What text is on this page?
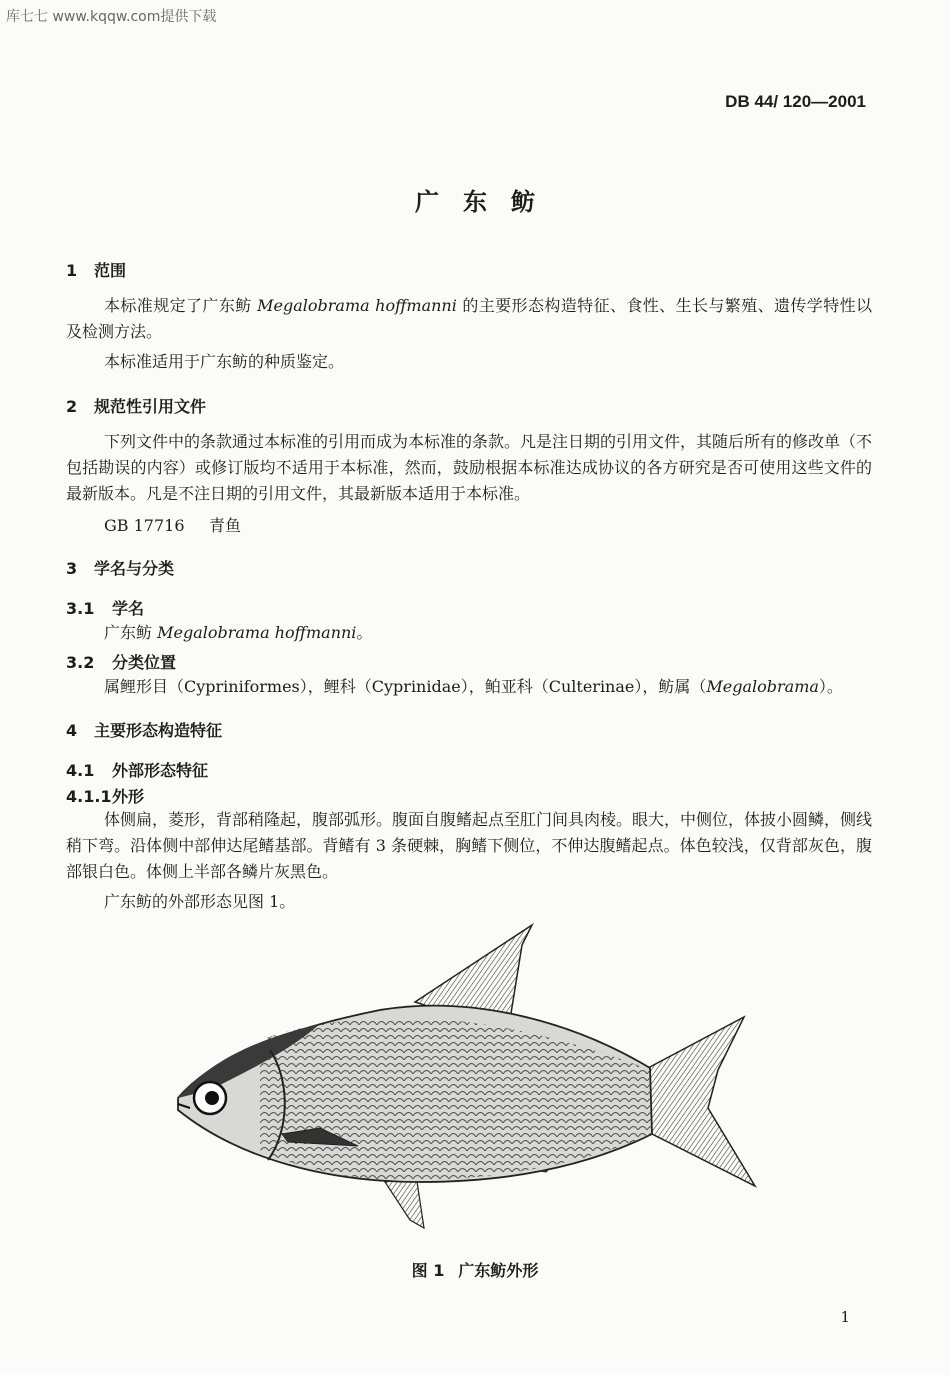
库七七 www.kqqw.com提供下载
DB 44/ 120—2001
广东鲂
1 范围
本标准规定了广东鲂 Megalobrama hoffmanni 的主要形态构造特征、食性、生长与繁殖、遗传学特性以及检测方法。
本标准适用于广东鲂的种质鉴定。
2 规范性引用文件
下列文件中的条款通过本标准的引用而成为本标准的条款。凡是注日期的引用文件，其随后所有的修改单（不包括勘误的内容）或修订版均不适用于本标准，然而，鼓励根据本标准达成协议的各方研究是否可使用这些文件的最新版本。凡是不注日期的引用文件，其最新版本适用于本标准。
GB 17716 青鱼
3 学名与分类
3.1 学名
广东鲂 Megalobrama hoffmanni。
3.2 分类位置
属鲤形目（Cypriniformes），鲤科（Cyprinidae），鲌亚科（Culterinae），鲂属（Megalobrama）。
4 主要形态构造特征
4.1 外部形态特征
4.1.1外形
体侧扁，菱形，背部稍隆起，腹部弧形。腹面自腹鳍起点至肛门间具肉棱。眼大，中侧位，体披小圆鳞，侧线稍下弯。沿体侧中部伸达尾鳍基部。背鳍有 3 条硬棘，胸鳍下侧位，不伸达腹鳍起点。体色较浅，仅背部灰色，腹部银白色。体侧上半部各鳞片灰黑色。
广东鲂的外部形态见图 1。
图 1 广东鲂外形
1
